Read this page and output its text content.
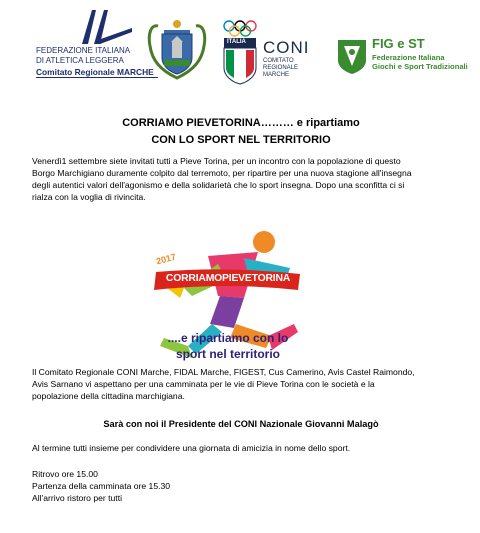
FEDERAZIONE ITALIANA
DI ATLETICA LEGGERA
Comitato Regionale MARCHE
ITALIA CONI
COMITATO
REGIONALE
MARCHE
FIG e ST
Federazione Italiana
Giochi e Sport Tradizionali
CORRIAMO PIEVETORINA……… e ripartiamo
CON LO SPORT NEL TERRITORIO
Venerdì1 settembre siete invitati tutti a Pieve Torina, per un incontro con la popolazione di questo
Borgo Marchigiano duramente colpito dal terremoto, per ripartire per una nuova stagione all'insegna
degli autentici valori dell'agonismo e della solidarietà che lo sport insegna. Dopo una sconfitta ci si
rialza con la voglia di rivincita.
2017
CORRIAMOPIEVETORINA
....e ripartiamo con lo
sport nel territorio
Il Comitato Regionale CONI Marche, FIDAL Marche, FIGEST, Cus Camerino, Avis Castel Raimondo,
Avis Sarnano vi aspettano per una camminata per le vie di Pieve Torina con le società e la
popolazione della cittadina marchigiana.
Sarà con noi il Presidente del CONI Nazionale Giovanni Malagò
Al termine tutti insieme per condividere una giornata di amicizia in nome dello sport.
Ritrovo ore 15.00
Partenza della camminata ore 15.30
All'arrivo ristoro per tutti
